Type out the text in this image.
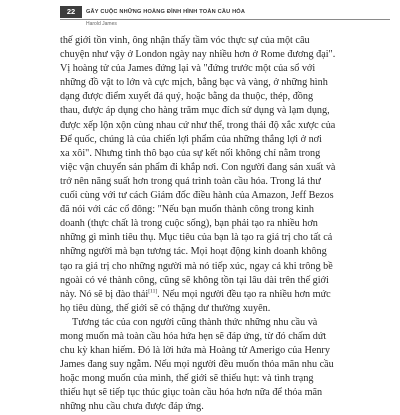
22	GÂY CUỘC NHỮNG HOÀNG ĐÌNH HÌNH TOÀN CẦU HÓA
Harold James
thế giới tồn vinh, ông nhận thấy tầm vóc thực sự của một câu
chuyện như vậy ở London ngày nay nhiều hơn ở Rome đương đại".
Vị hoàng tử của James đứng lại và "đứng trước một của sổ với
những đồ vật to lớn và cực mịch, bằng bạc và vàng, ở những hình
dạng được điểm xuyết đá quý, hoặc bằng da thuộc, thép, đồng
thau, được áp dụng cho hàng trăm mục đích sử dụng và lạm dụng,
được xếp lộn xộn cùng nhau cứ như thể, trong thái độ xắc xược của
Để quốc, chúng là của chiến lợi phẩm của những thắng lợi ở nơi
xa xôi". Nhưng tinh thô bạo của sự kết nối không chỉ nằm trong
việc vận chuyển sản phẩm đi khắp nơi. Con người đang sản xuất và
trở nên năng suất hơn trong quá trình toàn cầu hóa. Trong lá thư
cuối cùng với tư cách Giám đốc điều hành của Amazon, Jeff Bezos
đã nói với các cổ đông: "Nếu bạn muốn thành công trong kinh
doanh (thực chất là trong cuộc sống), bạn phải tạo ra nhiều hơn
những gì mình tiêu thụ. Mục tiêu của bạn là tạo ra giá trị cho tất cả
những người mà bạn tương tác. Mọi hoạt động kinh doanh không
tạo ra giá trị cho những người mà nó tiếp xúc, ngay cả khi trông bề
ngoài có vẻ thành công, cũng sẽ không tồn tại lâu dài trên thế giới
này. Nó sẽ bị đào thải[11]. Nếu mọi người đều tạo ra nhiều hơn mức
họ tiêu dùng, thế giới sẽ có thặng dư thường xuyên.
Tương tác của con người cũng thành thức những nhu cầu và
mong muốn mà toàn cầu hóa hứa hẹn sẽ đáp ứng, từ đó chấm dứt
chu kỳ khan hiếm. Đó là lời hứa mà Hoàng tử Amerigo của Henry
James đang suy ngẫm. Nếu mọi người đều muốn thỏa mãn nhu cầu
hoặc mong muốn của mình, thế giới sẽ thiếu hụt: và tình trạng
thiếu hụt sẽ tiếp tục thúc giục toàn cầu hóa hơn nữa để thỏa mãn
những nhu cầu chưa được đáp ứng.
